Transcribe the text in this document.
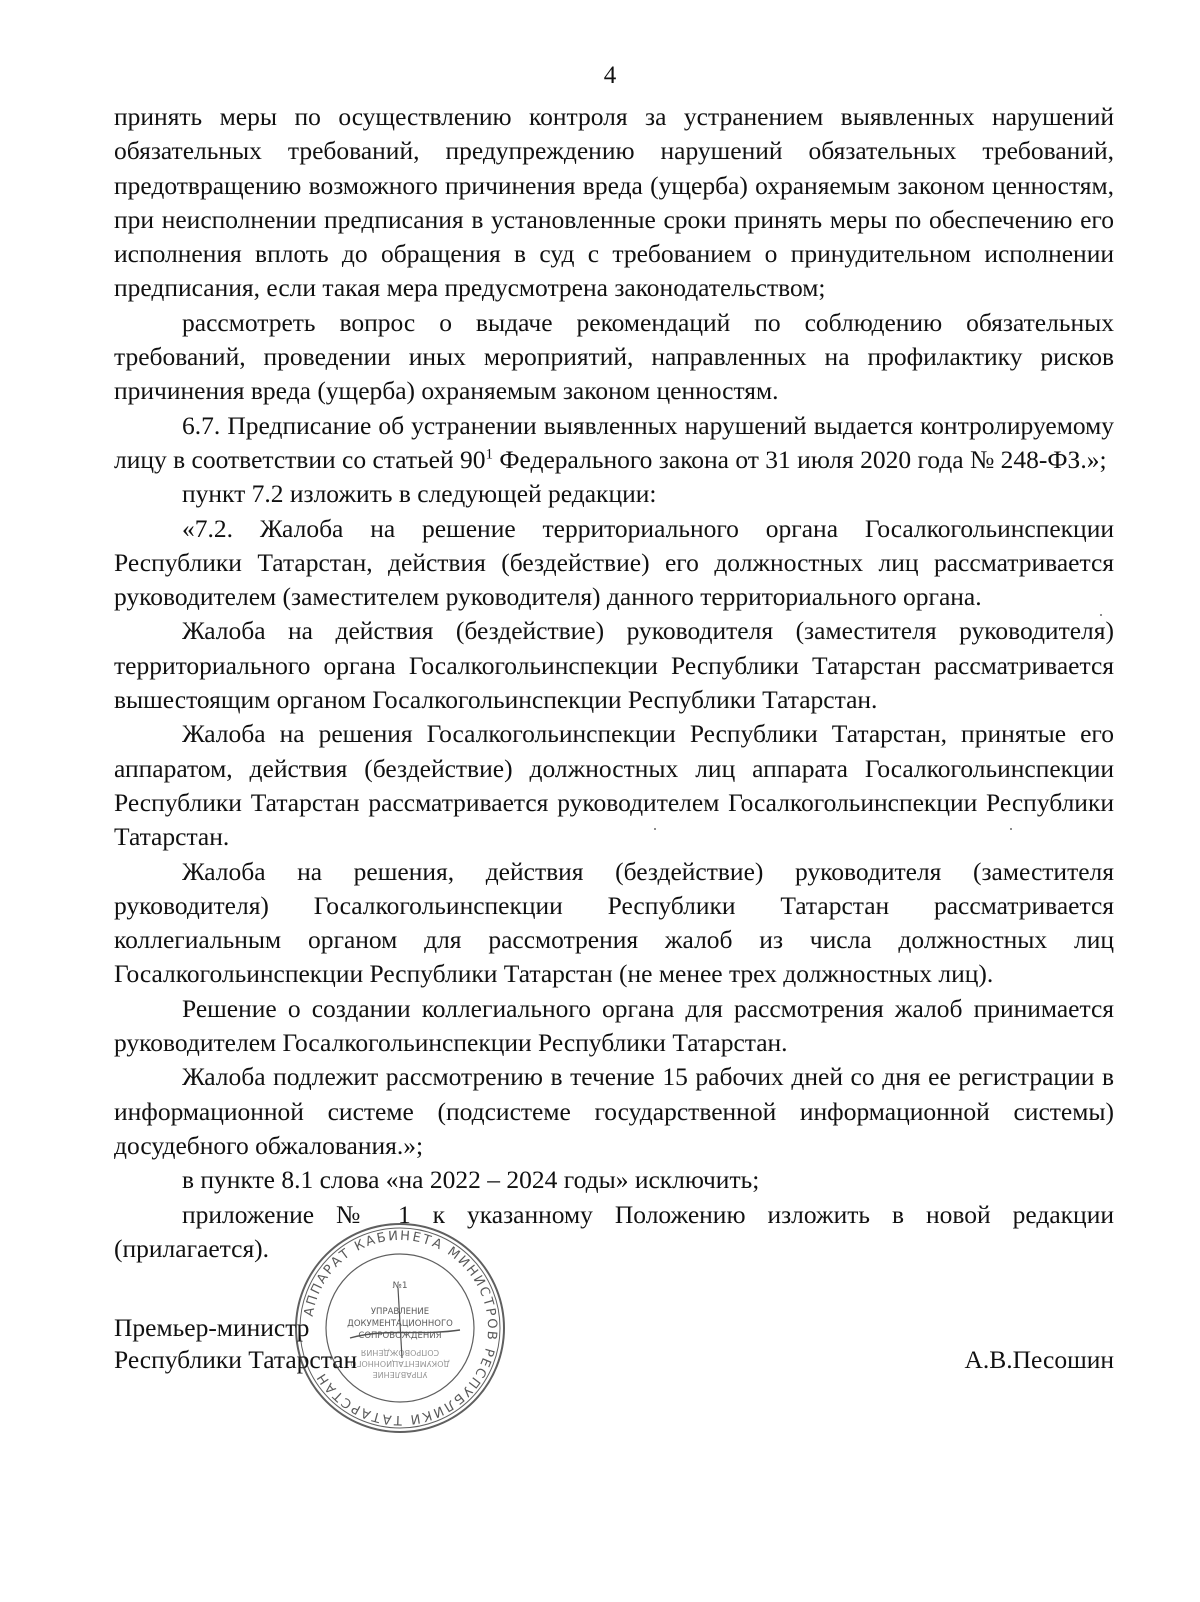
4

принять меры по осуществлению контроля за устранением выявленных нарушений обязательных требований, предупреждению нарушений обязательных требований, предотвращению возможного причинения вреда (ущерба) охраняемым законом ценностям, при неисполнении предписания в установленные сроки принять меры по обеспечению его исполнения вплоть до обращения в суд с требованием о принудительном исполнении предписания, если такая мера предусмотрена законодательством;

рассмотреть вопрос о выдаче рекомендаций по соблюдению обязательных требований, проведении иных мероприятий, направленных на профилактику рисков причинения вреда (ущерба) охраняемым законом ценностям.

6.7. Предписание об устранении выявленных нарушений выдается контролируемому лицу в соответствии со статьей $90^1$ Федерального закона от 31 июля 2020 года № 248-ФЗ.»;

пункт 7.2 изложить в следующей редакции:

«7.2. Жалоба на решение территориального органа Госалкогольинспекции Республики Татарстан, действия (бездействие) его должностных лиц рассматривается руководителем (заместителем руководителя) данного территориального органа.

Жалоба на действия (бездействие) руководителя (заместителя руководителя) территориального органа Госалкогольинспекции Республики Татарстан рассматривается вышестоящим органом Госалкогольинспекции Республики Татарстан.

Жалоба на решения Госалкогольинспекции Республики Татарстан, принятые его аппаратом, действия (бездействие) должностных лиц аппарата Госалкогольинспекции Республики Татарстан рассматривается руководителем Госалкогольинспекции Республики Татарстан.

Жалоба на решения, действия (бездействие) руководителя (заместителя руководителя) Госалкогольинспекции Республики Татарстан рассматривается коллегиальным органом для рассмотрения жалоб из числа должностных лиц Госалкогольинспекции Республики Татарстан (не менее трех должностных лиц).

Решение о создании коллегиального органа для рассмотрения жалоб принимается руководителем Госалкогольинспекции Республики Татарстан.

Жалоба подлежит рассмотрению в течение 15 рабочих дней со дня ее регистрации в информационной системе (подсистеме государственной информационной системы) досудебного обжалования.»;

в пункте 8.1 слова «на 2022 – 2024 годы» исключить;

приложение № 1 к указанному Положению изложить в новой редакции (прилагается).

Премьер-министр
Республики Татарстан	А.В.Песошин
АППАРАТ КАБИНЕТА МИНИСТРОВ РЕСПУБЛИКИ ТАТАРСТАН
№1
УПРАВЛЕНИЕ
ДОКУМЕНТАЦИОННОГО
СОПРОВОЖДЕНИЯ
УПРАВЛЕНИЕ
ДОКУМЕНТАЦИОННОГО
СОПРОВОЖДЕНИЯ
